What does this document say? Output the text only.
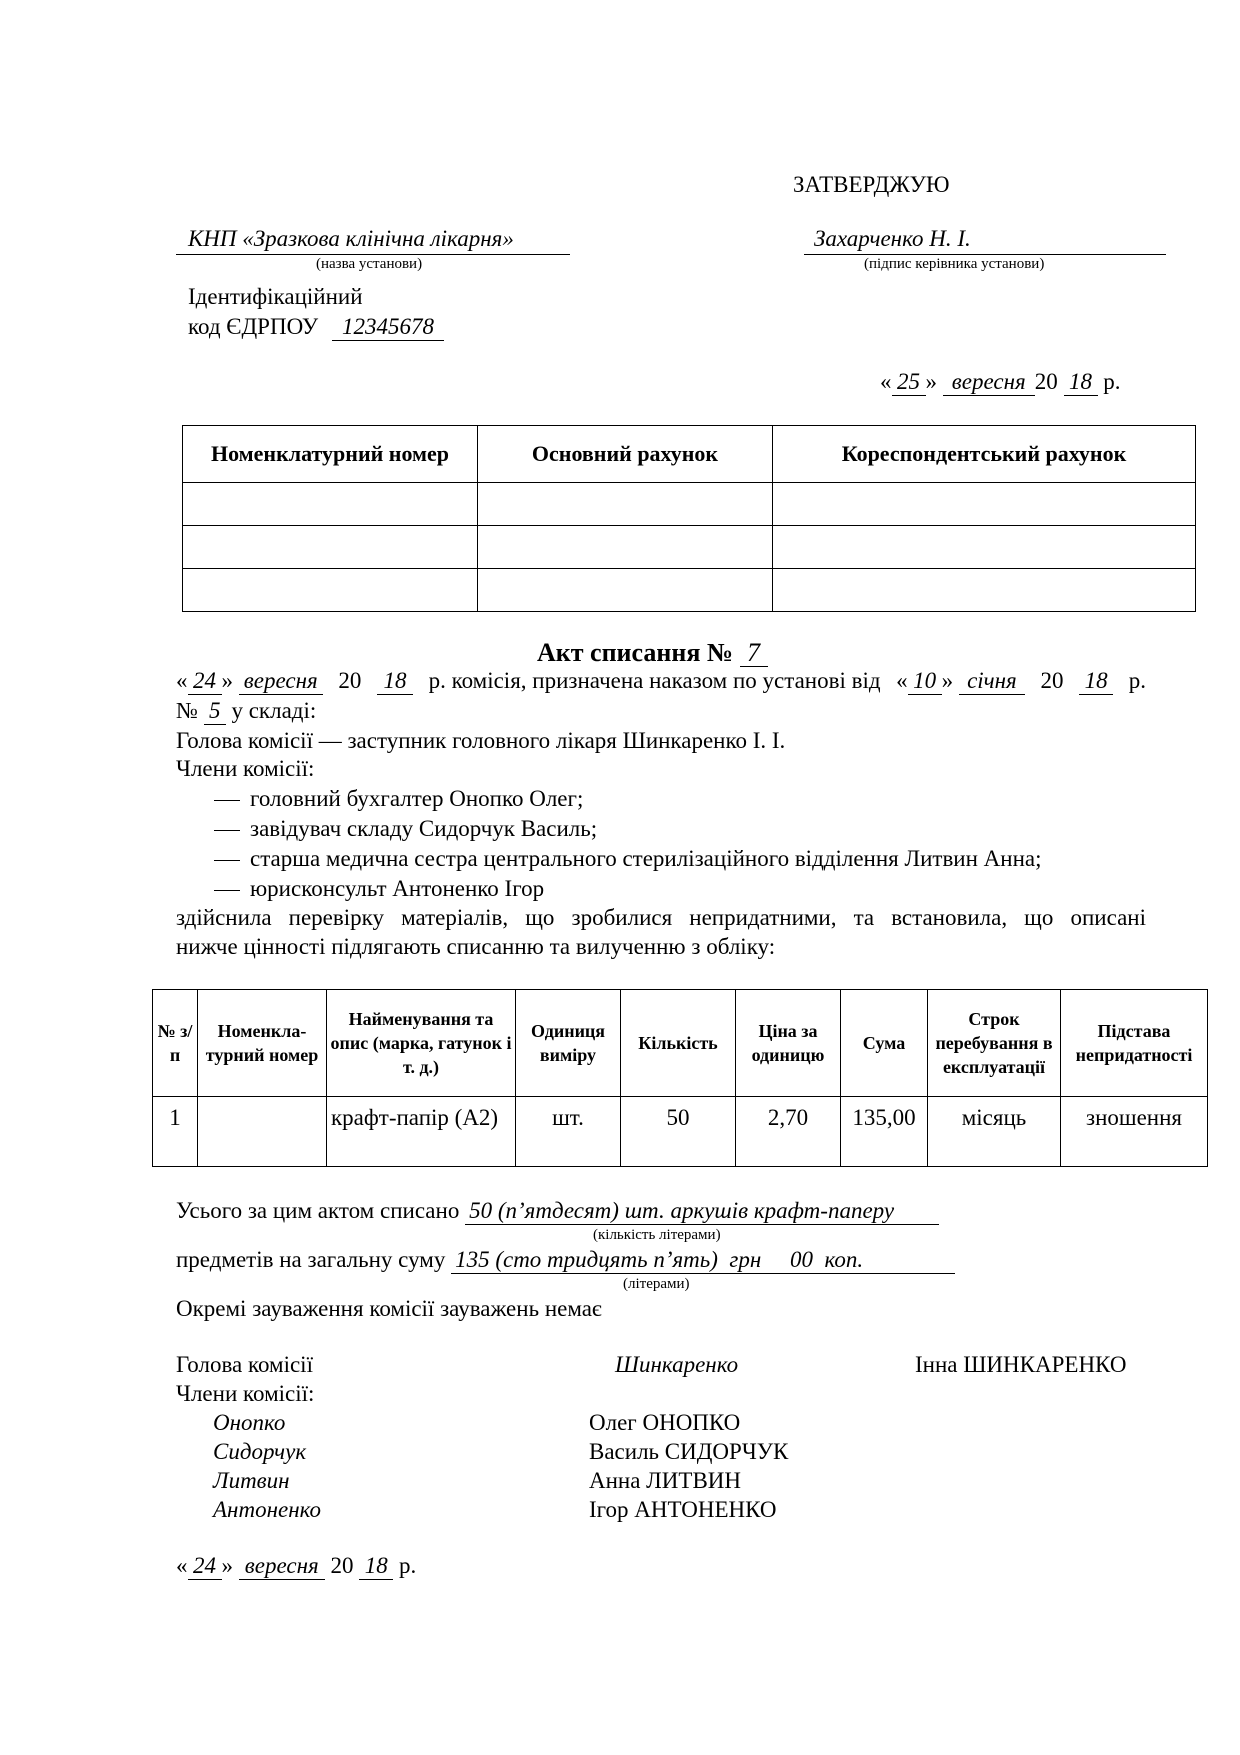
ЗАТВЕРДЖУЮ
КНП «Зразкова клінічна лікарня»
(назва установи)
Захарченко Н. І.
(підпис керівника установи)
Ідентифікаційний
код ЄДРПОУ 12345678
« 25 » вересня 20 18 р.
Номенклатурний номер	Основний рахунок	Кореспондентський рахунок

Акт списання № 7
« 24 » вересня 20 18 р. комісія, призначена наказом по установі від « 10 » січня	20 18 р.
№ 5 у складі:
Голова комісії — заступник головного лікаря Шинкаренко І. І.
Члени комісії:
головний бухгалтер Онопко Олег;
завідувач складу Сидорчук Василь;
старша медична сестра центрального стерилізаційного відділення Литвин Анна;
юрисконсульт Антоненко Ігор
здійснила перевірку матеріалів, що зробилися непридатними, та встановила, що описані
нижче цінності підлягають списанню та вилученню з обліку:
№ з/п	Номенкла-турний номер	Найменування та опис (марка, гатунок і т. д.)	Одиниця виміру	Кількість	Ціна за одиницю	Сума	Строк перебування в експлуатації	Підстава непридатності
1		крафт-папір (А2)	шт.	50	2,70	135,00	місяць	зношення
Усього за цим актом списано 50 (п’ятдесят) шт. аркушів крафт-паперу
(кількість літерами)
предметів на загальну суму 135 (сто тридцять п’ять)  грн     00  коп.
(літерами)
Окремі зауваження комісії зауважень немає
Голова комісії	Шинкаренко	Інна ШИНКАРЕНКО
Члени комісії:
Онопко	Олег ОНОПКО
Сидорчук	Василь СИДОРЧУК
Литвин	Анна ЛИТВИН
Антоненко	Ігор АНТОНЕНКО
« 24 » вересня 20 18 р.
